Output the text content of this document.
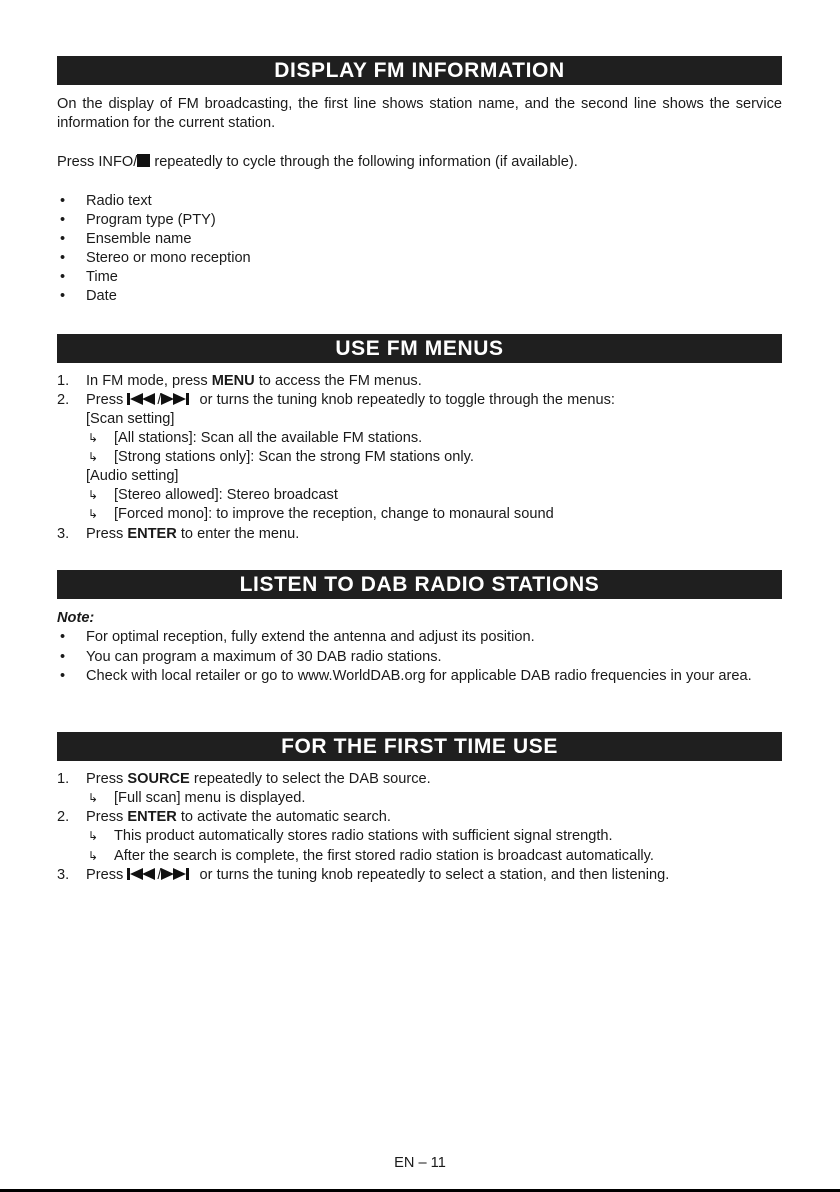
DISPLAY FM INFORMATION
On the display of FM broadcasting, the first line shows station name, and the second line shows the service information for the current station.
Press INFO/ repeatedly to cycle through the following information (if available).
• Radio text
• Program type (PTY)
• Ensemble name
• Stereo or mono reception
• Time
• Date
USE FM MENUS
1. In FM mode, press MENU to access the FM menus.
2. Press /  or turns the tuning knob repeatedly to toggle through the menus:
[Scan setting]
↳ [All stations]: Scan all the available FM stations.
↳ [Strong stations only]: Scan the strong FM stations only.
[Audio setting]
↳ [Stereo allowed]: Stereo broadcast
↳ [Forced mono]: to improve the reception, change to monaural sound
3. Press ENTER to enter the menu.
LISTEN TO DAB RADIO STATIONS
Note:
• For optimal reception, fully extend the antenna and adjust its position.
• You can program a maximum of 30 DAB radio stations.
• Check with local retailer or go to www.WorldDAB.org for applicable DAB radio frequencies in your area.
FOR THE FIRST TIME USE
1. Press SOURCE repeatedly to select the DAB source.
↳ [Full scan] menu is displayed.
2. Press ENTER to activate the automatic search.
↳ This product automatically stores radio stations with sufficient signal strength.
↳ After the search is complete, the first stored radio station is broadcast automatically.
3. Press /  or turns the tuning knob repeatedly to select a station, and then listening.
EN – 11
